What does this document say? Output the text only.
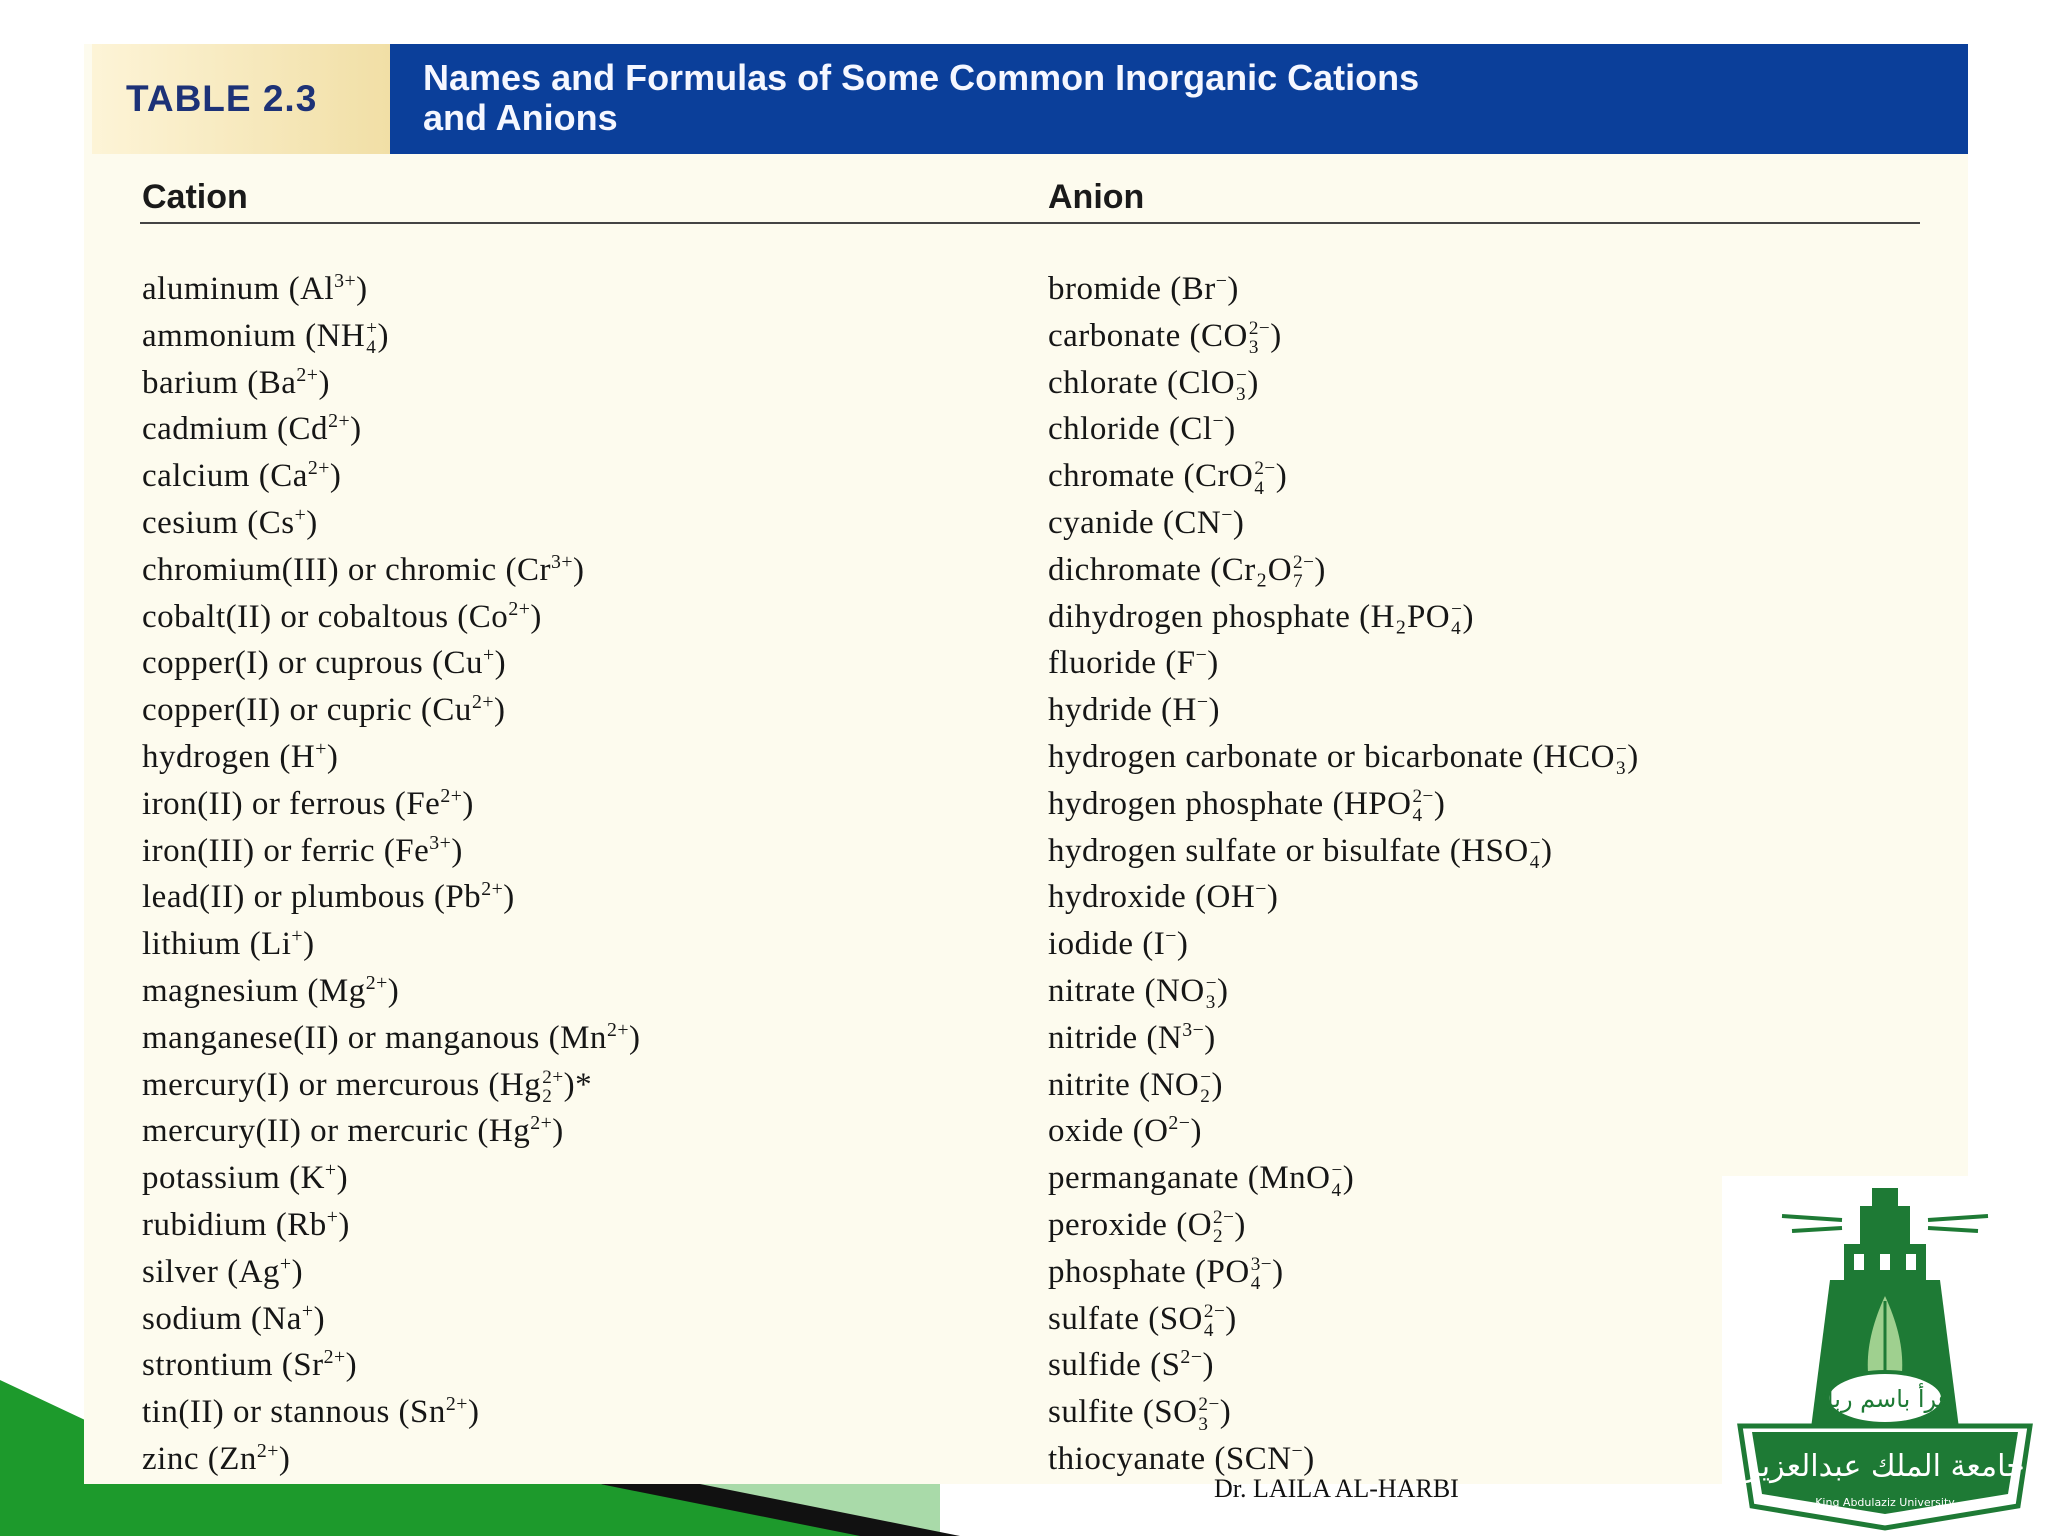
TABLE 2.3
Names and Formulas of Some Common Inorganic Cations
and Anions
Cation	Anion
aluminum $(Al^{3+})$
ammonium (NH +
4 )
barium $(Ba^{2+})$
cadmium $(Cd^{2+})$
calcium $(Ca^{2+})$
cesium (Cs+)
chromium(III) or chromic $(Cr^{3+})$
cobalt(II) or cobaltous $(Co^{2+})$
copper(I) or cuprous (Cu+)
copper(II) or cupric $(Cu^{2+})$
hydrogen (H+)
iron(II) or ferrous $(Fe^{2+})$
iron(III) or ferric $(Fe^{3+})$
lead(II) or plumbous $(Pb^{2+})$
lithium (Li+)
magnesium $(Mg^{2+})$
manganese(II) or manganous $(Mn^{2+})$
mercury(I) or mercurous (Hg 2+
2 )*
mercury(II) or mercuric $(Hg^{2+})$
potassium (K+)
rubidium (Rb+)
silver (Ag+)
sodium (Na+)
strontium $(Sr^{2+})$
tin(II) or stannous $(Sn^{2+})$
zinc $(Zn^{2+})$
bromide (Br−)
carbonate (CO 2−
3 )
chlorate (ClO −
3 )
chloride (Cl−)
chromate (CrO 2−
4 )
cyanide (CN−)
dichromate (Cr₂O 2−
7 )
dihydrogen phosphate (H₂PO −
4 )
fluoride (F−)
hydride (H−)
hydrogen carbonate or bicarbonate (HCO −
3 )
hydrogen phosphate (HPO 2−
4 )
hydrogen sulfate or bisulfate (HSO −
4 )
hydroxide (OH−)
iodide (I−)
nitrate (NO −
3 )
nitride $(N^{3-})$
nitrite (NO −
2 )
oxide $(O^{2-})$
permanganate (MnO −
4 )
peroxide (O 2−
2 )
phosphate (PO 3−
4 )
sulfate (SO 2−
4 )
sulfide $(S^{2-})$
sulfite (SO 2−
3 )
thiocyanate (SCN−)
اقرأ باسم ربك
جامعة الملك عبدالعزيز
King Abdulaziz University
Dr. LAILA AL-HARBI
